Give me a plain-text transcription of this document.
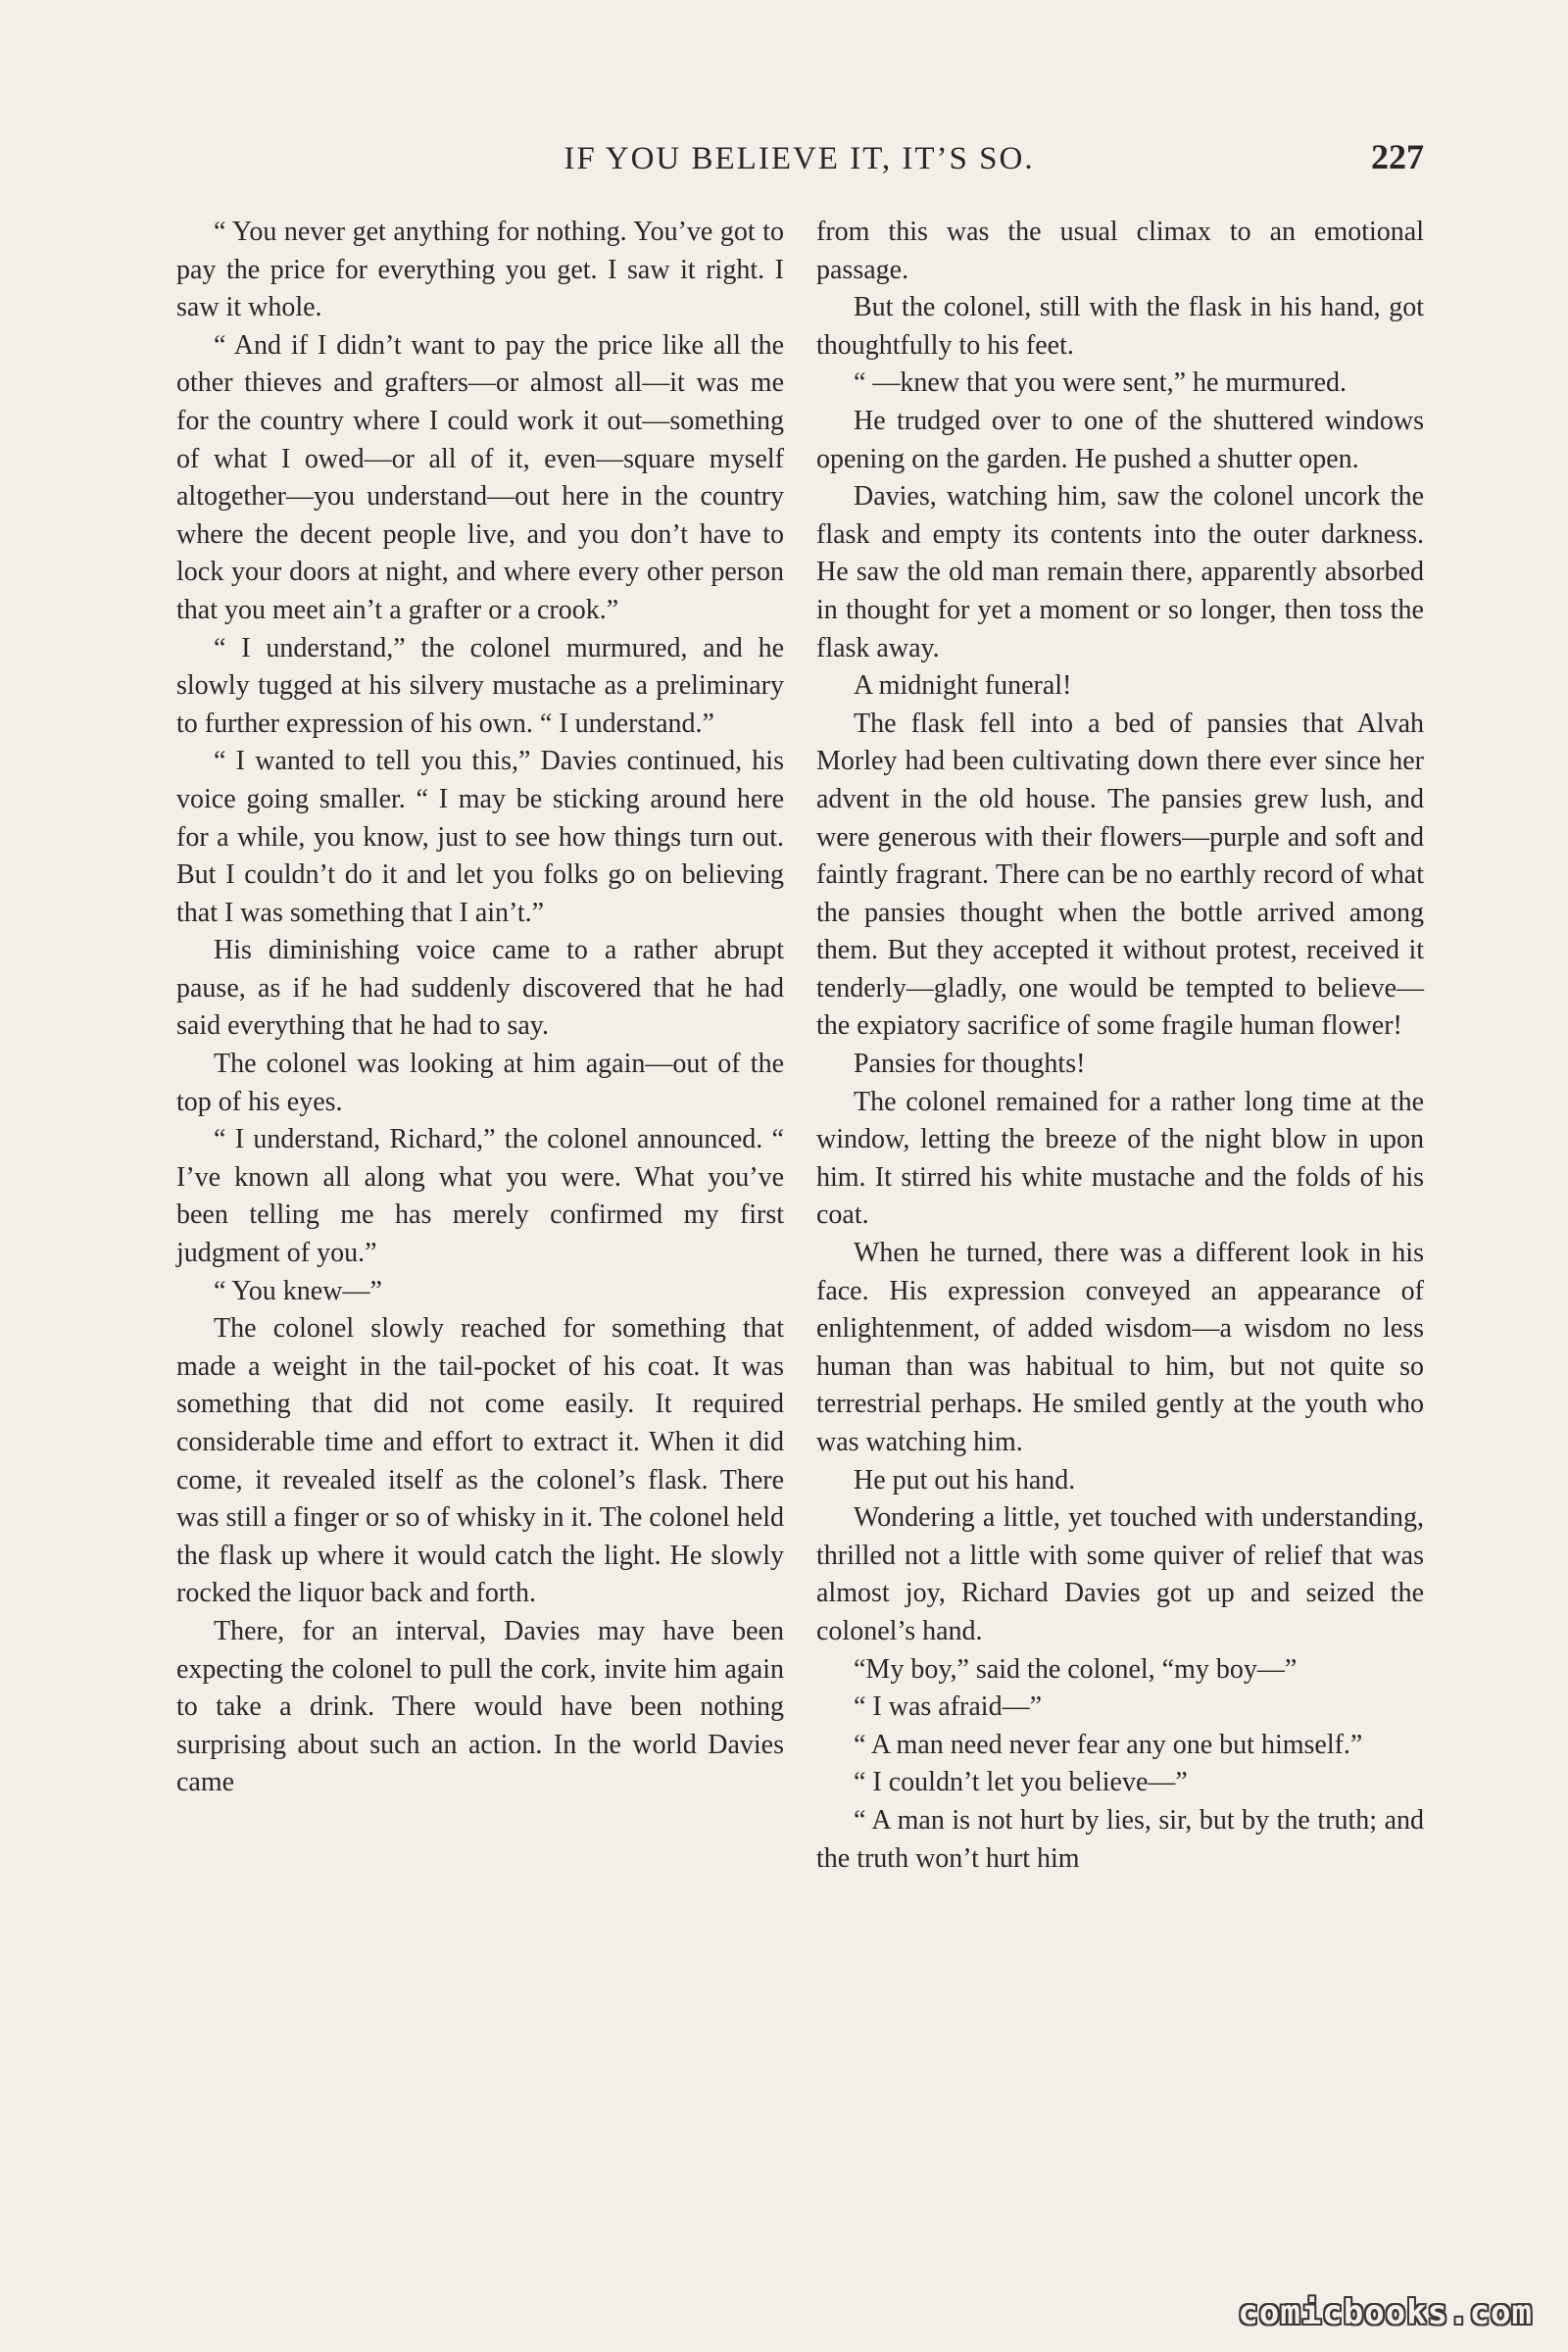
IF YOU BELIEVE IT, IT’S SO.	227

“ You never get anything for nothing. You’ve got to pay the price for everything you get. I saw it right. I saw it whole.

“ And if I didn’t want to pay the price like all the other thieves and grafters—or almost all—it was me for the country where I could work it out—something of what I owed—or all of it, even—square myself altogether—you understand—out here in the country where the decent people live, and you don’t have to lock your doors at night, and where every other person that you meet ain’t a grafter or a crook.”

“ I understand,” the colonel murmured, and he slowly tugged at his silvery mustache as a preliminary to further expression of his own. “ I understand.”

“ I wanted to tell you this,” Davies continued, his voice going smaller. “ I may be sticking around here for a while, you know, just to see how things turn out. But I couldn’t do it and let you folks go on believing that I was something that I ain’t.”

His diminishing voice came to a rather abrupt pause, as if he had suddenly discovered that he had said everything that he had to say.

The colonel was looking at him again—out of the top of his eyes.

“ I understand, Richard,” the colonel announced. “ I’ve known all along what you were. What you’ve been telling me has merely confirmed my first judgment of you.”

“ You knew—”

The colonel slowly reached for something that made a weight in the tail-pocket of his coat. It was something that did not come easily. It required considerable time and effort to extract it. When it did come, it revealed itself as the colonel’s flask. There was still a finger or so of whisky in it. The colonel held the flask up where it would catch the light. He slowly rocked the liquor back and forth.

There, for an interval, Davies may have been expecting the colonel to pull the cork, invite him again to take a drink. There would have been nothing surprising about such an action. In the world Davies came

from this was the usual climax to an emotional passage.

But the colonel, still with the flask in his hand, got thoughtfully to his feet.

“ —knew that you were sent,” he murmured.

He trudged over to one of the shuttered windows opening on the garden. He pushed a shutter open.

Davies, watching him, saw the colonel uncork the flask and empty its contents into the outer darkness. He saw the old man remain there, apparently absorbed in thought for yet a moment or so longer, then toss the flask away.

A midnight funeral!

The flask fell into a bed of pansies that Alvah Morley had been cultivating down there ever since her advent in the old house. The pansies grew lush, and were generous with their flowers—purple and soft and faintly fragrant. There can be no earthly record of what the pansies thought when the bottle arrived among them. But they accepted it without protest, received it tenderly—gladly, one would be tempted to believe—the expiatory sacrifice of some fragile human flower!

Pansies for thoughts!

The colonel remained for a rather long time at the window, letting the breeze of the night blow in upon him. It stirred his white mustache and the folds of his coat.

When he turned, there was a different look in his face. His expression conveyed an appearance of enlightenment, of added wisdom—a wisdom no less human than was habitual to him, but not quite so terrestrial perhaps. He smiled gently at the youth who was watching him.

He put out his hand.

Wondering a little, yet touched with understanding, thrilled not a little with some quiver of relief that was almost joy, Richard Davies got up and seized the colonel’s hand.

“My boy,” said the colonel, “my boy—”

“ I was afraid—”

“ A man need never fear any one but himself.”

“ I couldn’t let you believe—”

“ A man is not hurt by lies, sir, but by the truth; and the truth won’t hurt him

comicbooks.com
